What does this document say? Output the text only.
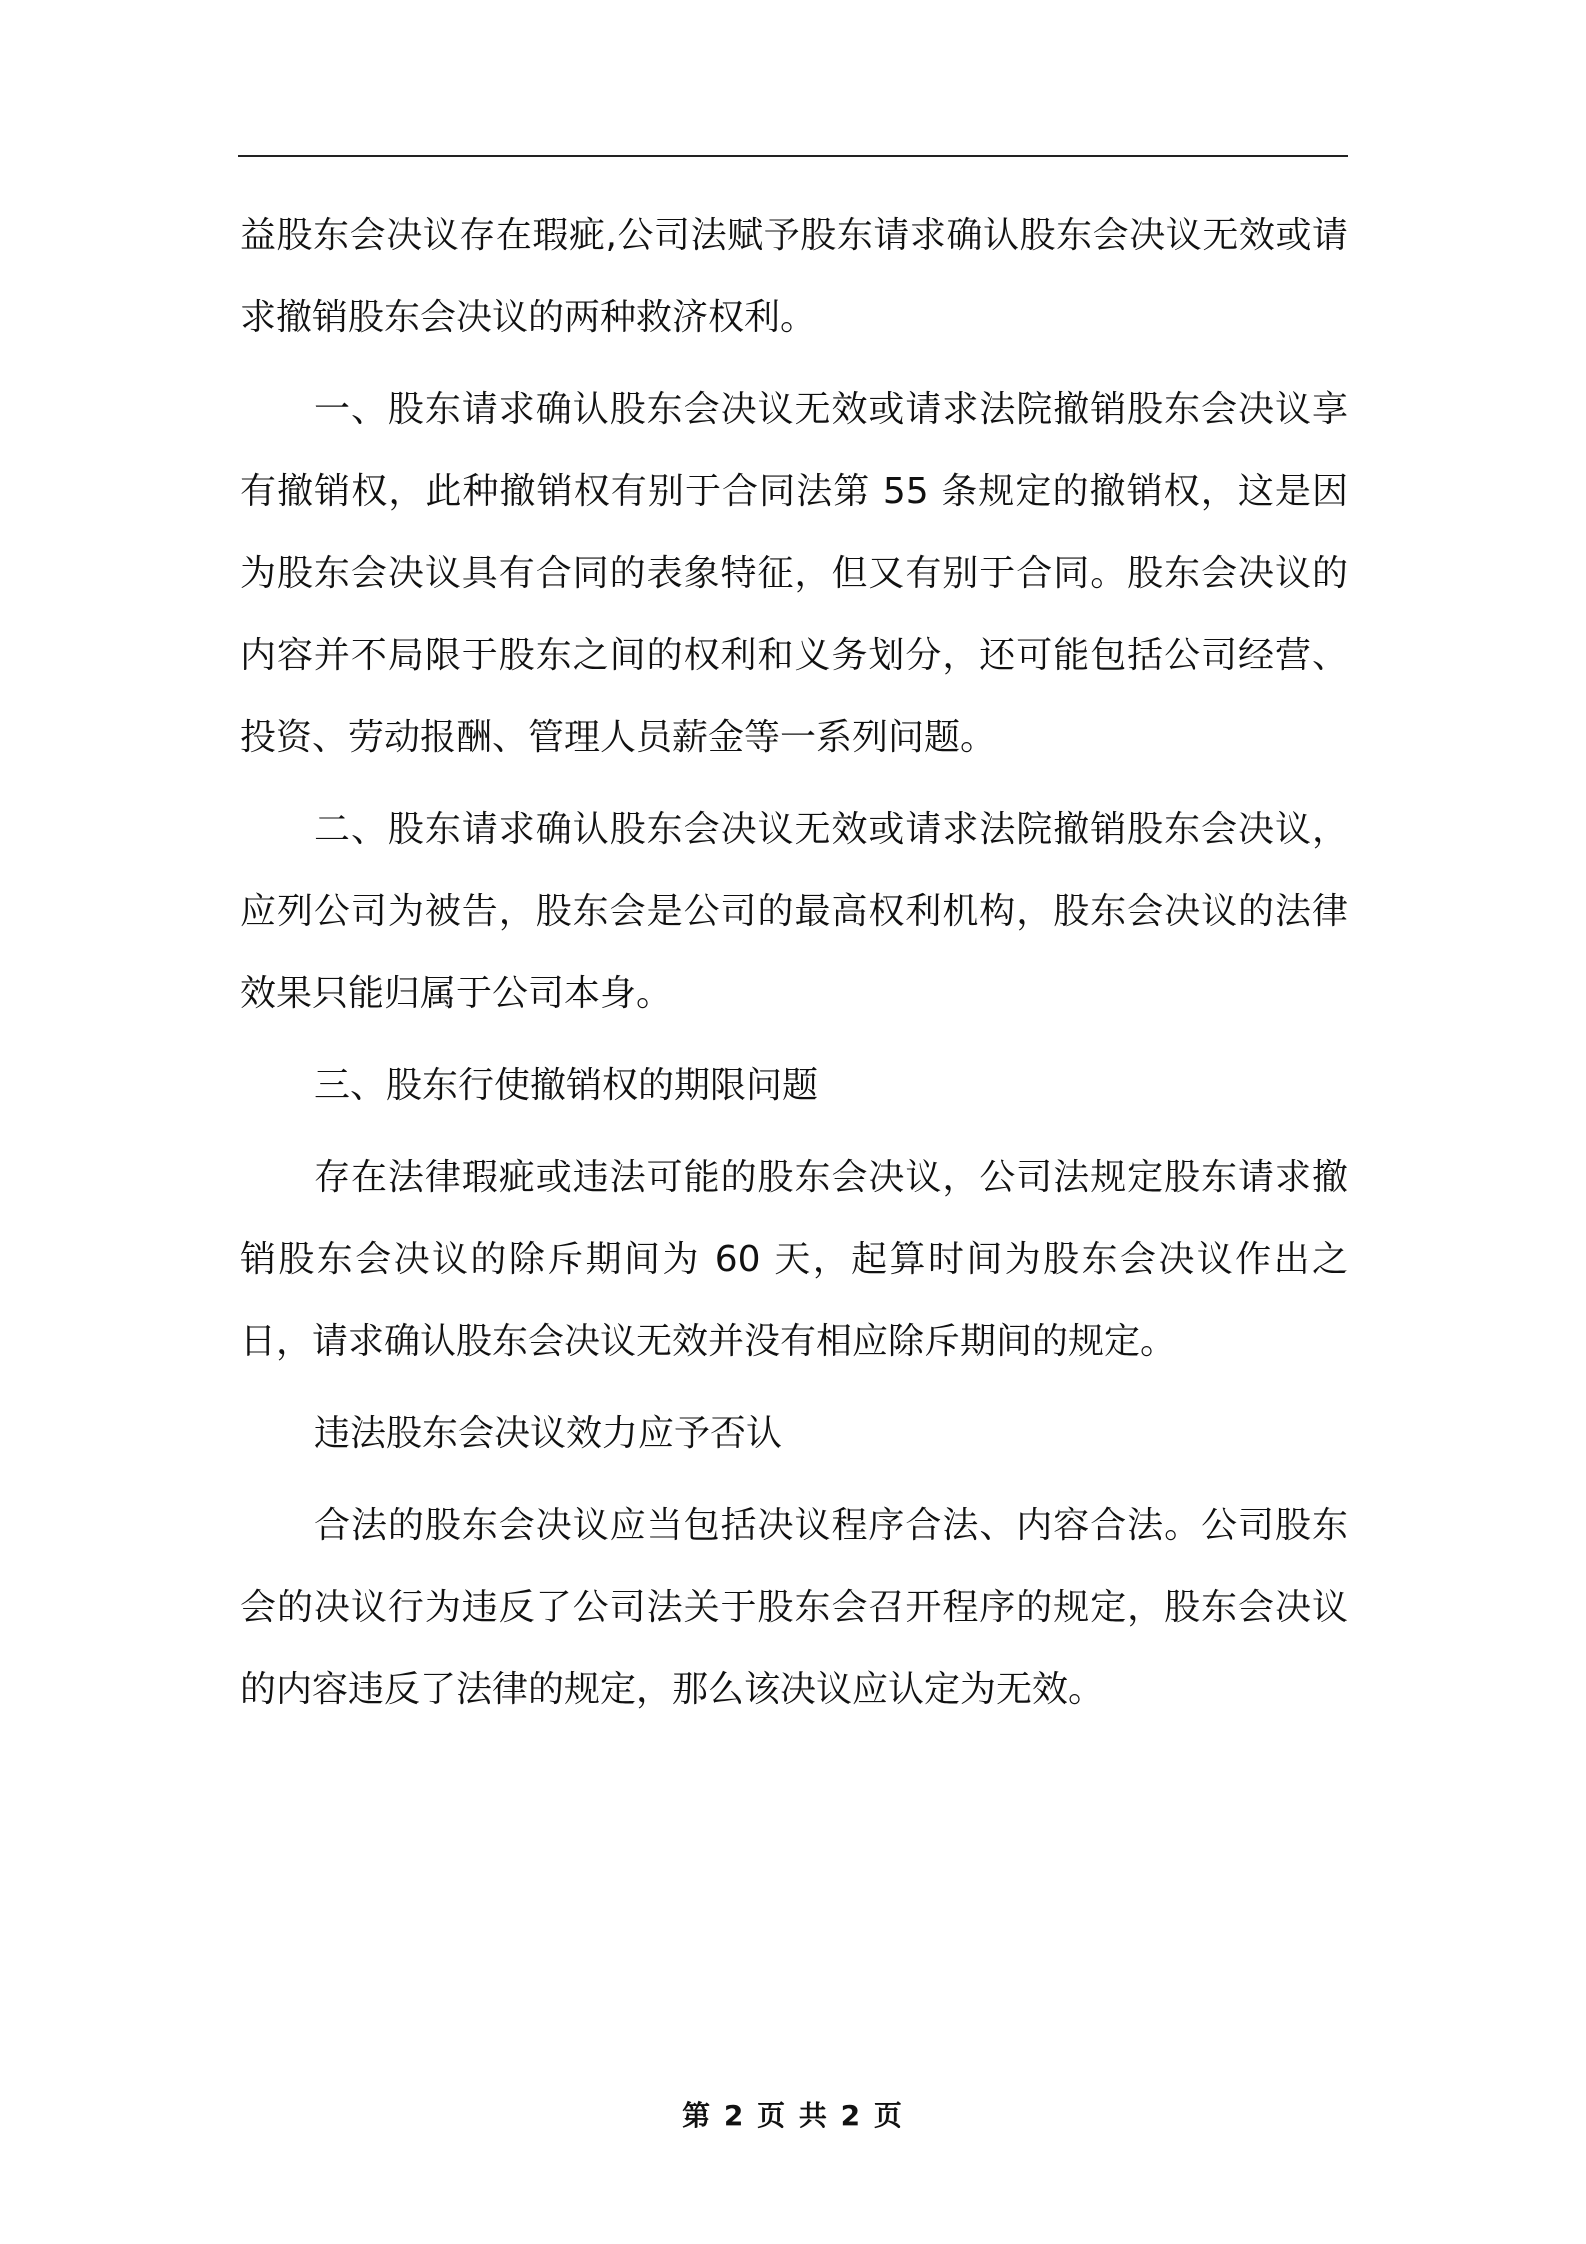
益股东会决议存在瑕疵,公司法赋予股东请求确认股东会决议无效或请求撤销股东会决议的两种救济权利。

一、股东请求确认股东会决议无效或请求法院撤销股东会决议享有撤销权，此种撤销权有别于合同法第 55 条规定的撤销权，这是因为股东会决议具有合同的表象特征，但又有别于合同。股东会决议的内容并不局限于股东之间的权利和义务划分，还可能包括公司经营、投资、劳动报酬、管理人员薪金等一系列问题。

二、股东请求确认股东会决议无效或请求法院撤销股东会决议，应列公司为被告，股东会是公司的最高权利机构，股东会决议的法律效果只能归属于公司本身。

三、股东行使撤销权的期限问题

存在法律瑕疵或违法可能的股东会决议，公司法规定股东请求撤销股东会决议的除斥期间为 60 天，起算时间为股东会决议作出之日，请求确认股东会决议无效并没有相应除斥期间的规定。

违法股东会决议效力应予否认

合法的股东会决议应当包括决议程序合法、内容合法。公司股东会的决议行为违反了公司法关于股东会召开程序的规定，股东会决议的内容违反了法律的规定，那么该决议应认定为无效。

第 2 页 共 2 页
